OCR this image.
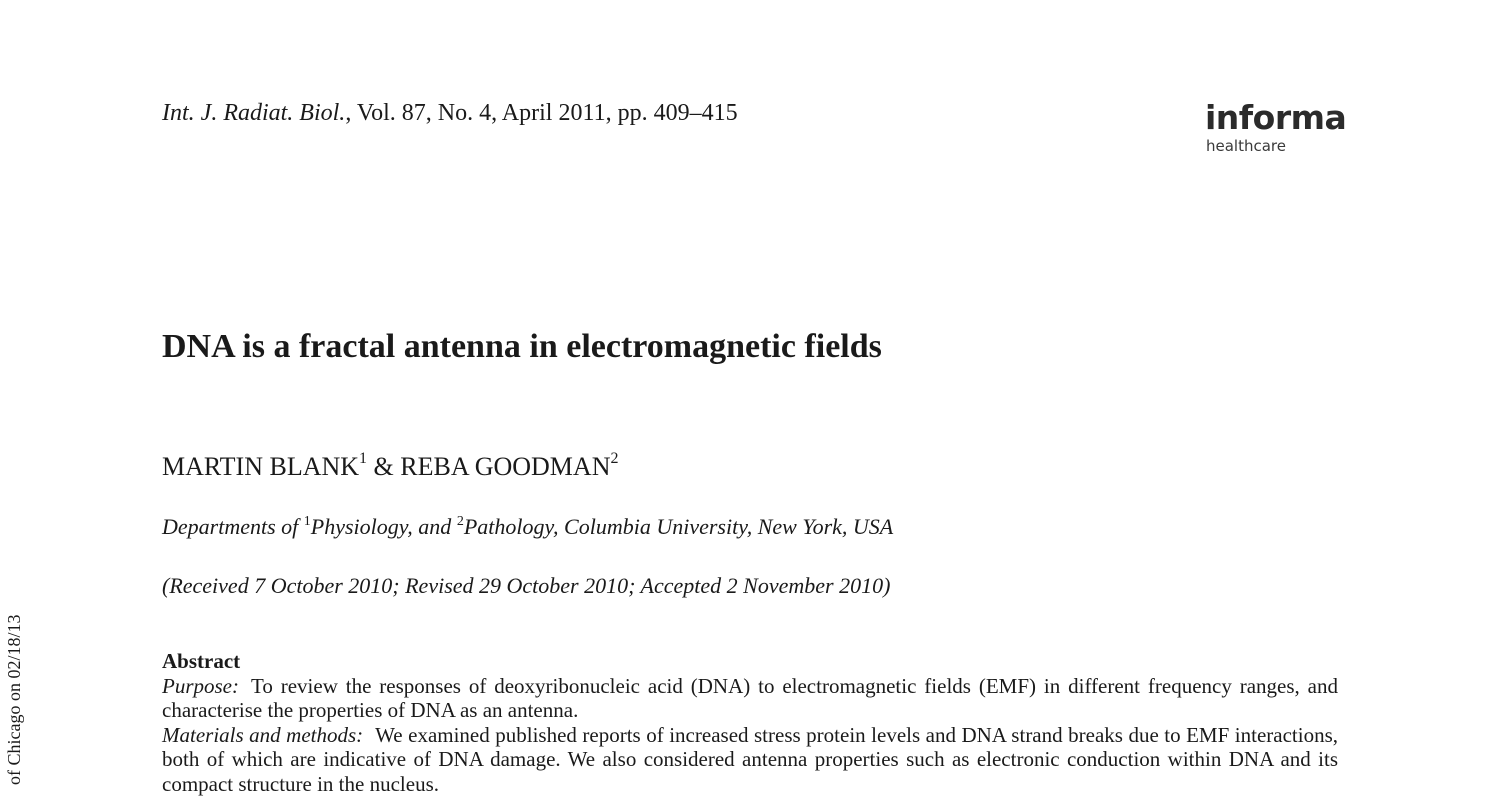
Int. J. Radiat. Biol., Vol. 87, No. 4, April 2011, pp. 409–415	informa
healthcare
DNA is a fractal antenna in electromagnetic fields
MARTIN BLANK$^1$ & REBA GOODMAN$^2$
Departments of $^1$Physiology, and $^2$Pathology, Columbia University, New York, USA
(Received 7 October 2010; Revised 29 October 2010; Accepted 2 November 2010)
Abstract

Purpose: To review the responses of deoxyribonucleic acid (DNA) to electromagnetic fields (EMF) in different frequency ranges, and characterise the properties of DNA as an antenna.

Materials and methods: We examined published reports of increased stress protein levels and DNA strand breaks due to EMF interactions, both of which are indicative of DNA damage. We also considered antenna properties such as electronic conduction within DNA and its compact structure in the nucleus.

of Chicago on 02/18/13
